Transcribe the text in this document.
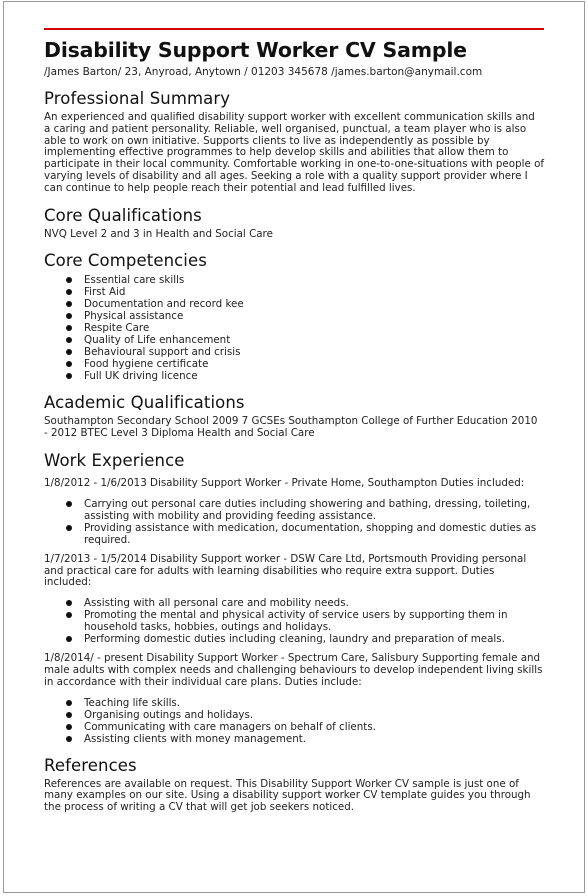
Disability Support Worker CV Sample
/James Barton/ 23, Anyroad, Anytown / 01203 345678 /james.barton@anymail.com
Professional Summary

An experienced and qualified disability support worker with excellent communication skills and a caring and patient personality. Reliable, well organised, punctual, a team player who is also able to work on own initiative. Supports clients to live as independently as possible by implementing effective programmes to help develop skills and abilities that allow them to participate in their local community. Comfortable working in one-to-one-situations with people of varying levels of disability and all ages. Seeking a role with a quality support provider where I can continue to help people reach their potential and lead fulfilled lives.

Core Qualifications

NVQ Level 2 and 3 in Health and Social Care

Core Competencies
Essential care skills
First Aid
Documentation and record kee
Physical assistance
Respite Care
Quality of Life enhancement
Behavioural support and crisis
Food hygiene certificate
Full UK driving licence
Academic Qualifications

Southampton Secondary School 2009 7 GCSEs Southampton College of Further Education 2010 - 2012 BTEC Level 3 Diploma Health and Social Care

Work Experience

1/8/2012 - 1/6/2013 Disability Support Worker - Private Home, Southampton Duties included:

Carrying out personal care duties including showering and bathing, dressing, toileting, assisting with mobility and providing feeding assistance.
Providing assistance with medication, documentation, shopping and domestic duties as required.

1/7/2013 - 1/5/2014 Disability Support worker - DSW Care Ltd, Portsmouth Providing personal and practical care for adults with learning disabilities who require extra support. Duties included:

Assisting with all personal care and mobility needs.
Promoting the mental and physical activity of service users by supporting them in household tasks, hobbies, outings and holidays.
Performing domestic duties including cleaning, laundry and preparation of meals.

1/8/2014/ - present Disability Support Worker - Spectrum Care, Salisbury Supporting female and male adults with complex needs and challenging behaviours to develop independent living skills in accordance with their individual care plans. Duties include:

Teaching life skills.
Organising outings and holidays.
Communicating with care managers on behalf of clients.
Assisting clients with money management.
References

References are available on request. This Disability Support Worker CV sample is just one of many examples on our site. Using a disability support worker CV template guides you through the process of writing a CV that will get job seekers noticed.
